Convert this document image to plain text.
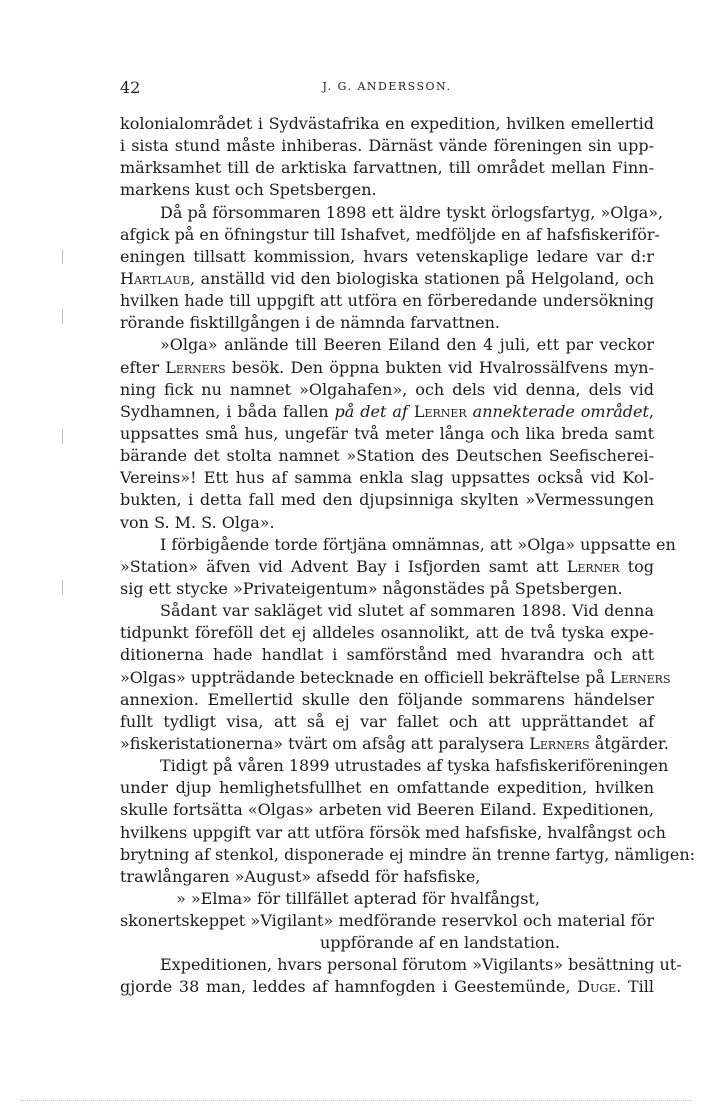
42	J. G. ANDERSSON.
kolonialområdet i Sydvästafrika en expedition, hvilken emellertid
i sista stund måste inhiberas. Därnäst vände föreningen sin upp-
märksamhet till de arktiska farvattnen, till området mellan Finn-
markens kust och Spetsbergen.
Då på försommaren 1898 ett äldre tyskt örlogsfartyg, »Olga»,
afgick på en öfningstur till Ishafvet, medföljde en af hafsfiskeriför-
eningen tillsatt kommission, hvars vetenskaplige ledare var d:r
Hartlaub, anställd vid den biologiska stationen på Helgoland, och
hvilken hade till uppgift att utföra en förberedande undersökning
rörande fisktillgången i de nämnda farvattnen.
»Olga» anlände till Beeren Eiland den 4 juli, ett par veckor
efter Lerners besök. Den öppna bukten vid Hvalrossälfvens myn-
ning fick nu namnet »Olgahafen», och dels vid denna, dels vid
Sydhamnen, i båda fallen på det af Lerner annekterade området,
uppsattes små hus, ungefär två meter långa och lika breda samt
bärande det stolta namnet »Station des Deutschen Seefischerei-
Vereins»! Ett hus af samma enkla slag uppsattes också vid Kol-
bukten, i detta fall med den djupsinniga skylten »Vermessungen
von S. M. S. Olga».
I förbigående torde förtjäna omnämnas, att »Olga» uppsatte en
»Station» äfven vid Advent Bay i Isfjorden samt att Lerner tog
sig ett stycke »Privateigentum» någonstädes på Spetsbergen.
Sådant var sakläget vid slutet af sommaren 1898. Vid denna
tidpunkt föreföll det ej alldeles osannolikt, att de två tyska expe-
ditionerna hade handlat i samförstånd med hvarandra och att
»Olgas» uppträdande betecknade en officiell bekräftelse på Lerners
annexion. Emellertid skulle den följande sommarens händelser
fullt tydligt visa, att så ej var fallet och att upprättandet af
»fiskeristationerna» tvärt om afsåg att paralysera Lerners åtgärder.
Tidigt på våren 1899 utrustades af tyska hafsfiskeriföreningen
under djup hemlighetsfullhet en omfattande expedition, hvilken
skulle fortsätta «Olgas» arbeten vid Beeren Eiland. Expeditionen,
hvilkens uppgift var att utföra försök med hafsfiske, hvalfångst och
brytning af stenkol, disponerade ej mindre än trenne fartyg, nämligen:
trawlångaren »August» afsedd för hafsfiske,
» »Elma» för tillfället apterad för hvalfångst,
skonertskeppet »Vigilant» medförande reservkol och material för
uppförande af en landstation.
Expeditionen, hvars personal förutom »Vigilants» besättning ut-
gjorde 38 man, leddes af hamnfogden i Geestemünde, Duge. Till
